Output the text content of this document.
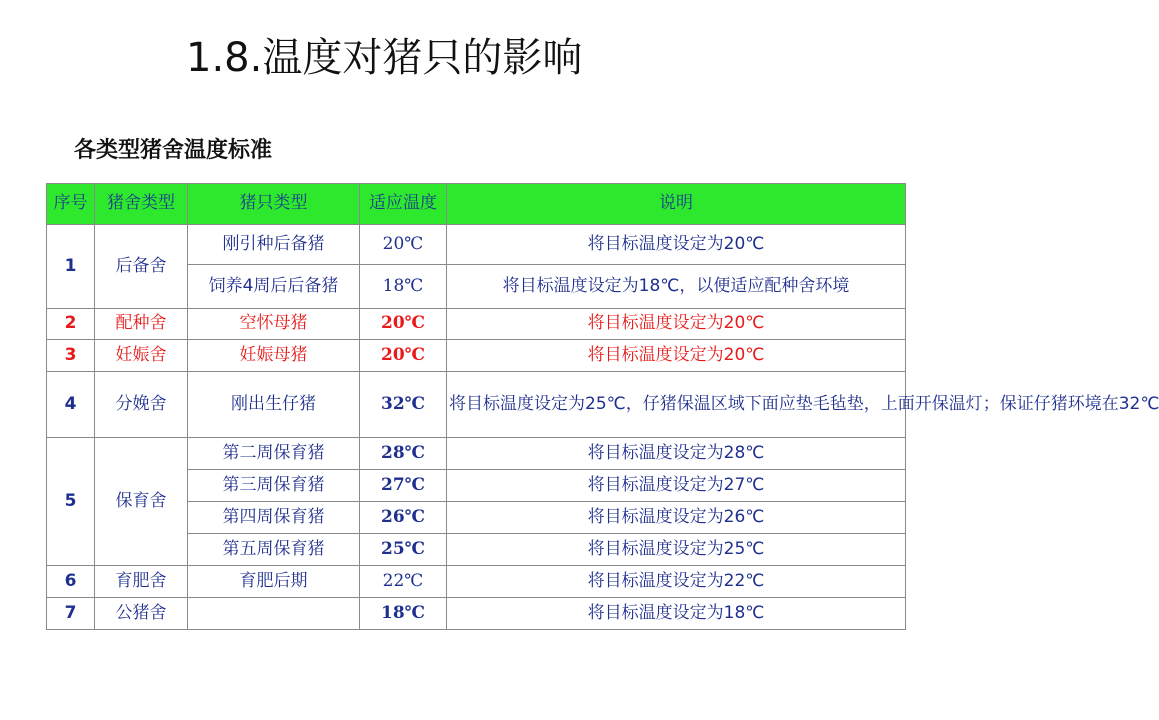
1.8.温度对猪只的影响
各类型猪舍温度标准
序号	猪舍类型	猪只类型	适应温度	说明
1	后备舍	刚引种后备猪	20℃	将目标温度设定为20℃
		饲养4周后后备猪	18℃	将目标温度设定为18℃，以便适应配种舍环境
2	配种舍	空怀母猪	20℃	将目标温度设定为20℃
3	妊娠舍	妊娠母猪	20℃	将目标温度设定为20℃
4	分娩舍	刚出生仔猪	32℃	将目标温度设定为25℃，仔猪保温区域下面应垫毛毡垫，上面开保温灯；保证仔猪环境在32℃
5	保育舍	第二周保育猪	28℃	将目标温度设定为28℃
		第三周保育猪	27℃	将目标温度设定为27℃
		第四周保育猪	26℃	将目标温度设定为26℃
		第五周保育猪	25℃	将目标温度设定为25℃
6	育肥舍	育肥后期	22℃	将目标温度设定为22℃
7	公猪舍		18℃	将目标温度设定为18℃
